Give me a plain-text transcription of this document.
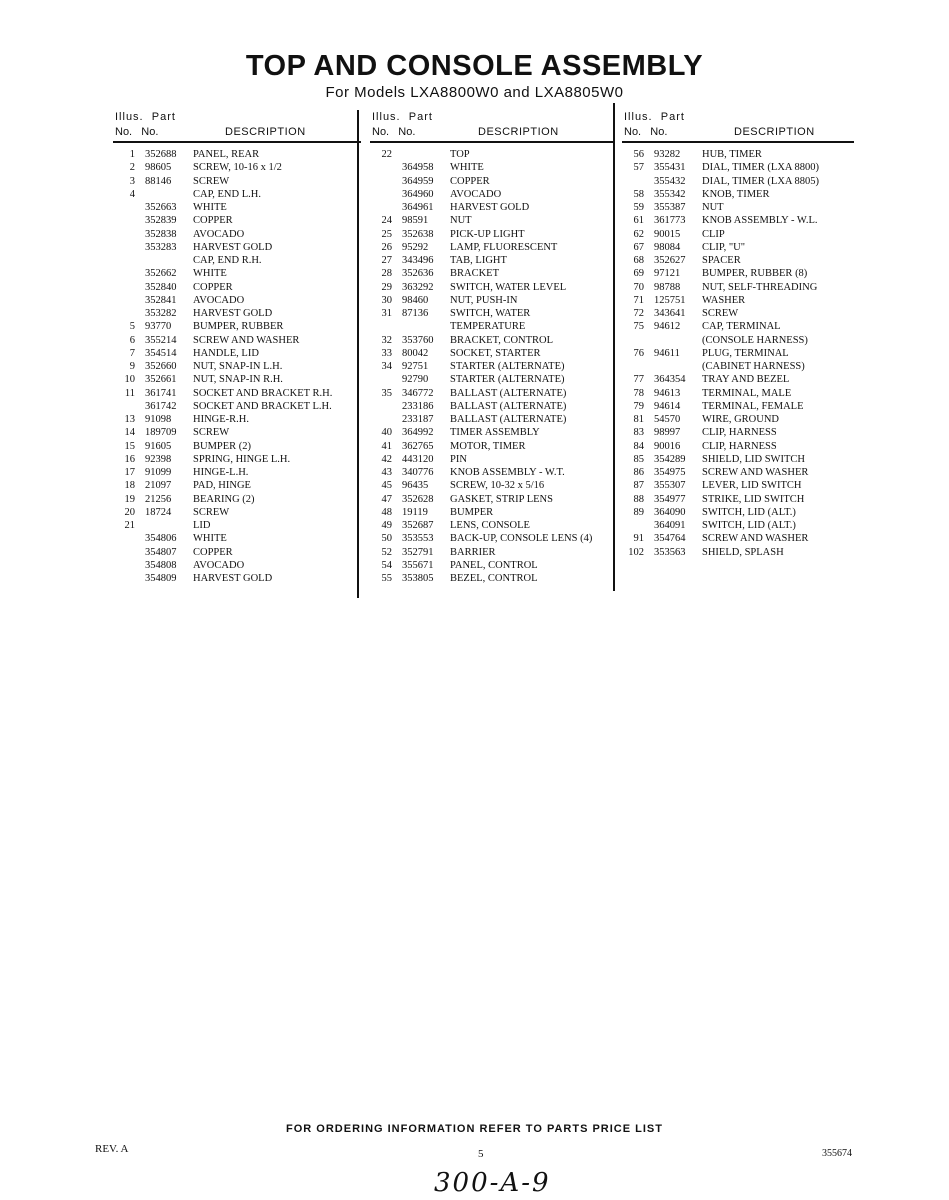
TOP AND CONSOLE ASSEMBLY
For Models LXA8800W0 and LXA8805W0
Illus. Part
No. No.	DESCRIPTION
1 352688 PANEL, REAR
2 98605 SCREW, 10-16 x 1/2
3 88146 SCREW
4	CAP, END L.H.
352663 WHITE
352839 COPPER
352838 AVOCADO
353283 HARVEST GOLD
CAP, END R.H.
352662 WHITE
352840 COPPER
352841 AVOCADO
353282 HARVEST GOLD
5 93770 BUMPER, RUBBER
6 355214 SCREW AND WASHER
7 354514 HANDLE, LID
9 352660 NUT, SNAP-IN L.H.
10 352661 NUT, SNAP-IN R.H.
11 361741 SOCKET AND BRACKET R.H.
361742 SOCKET AND BRACKET L.H.
13 91098 HINGE-R.H.
14 189709 SCREW
15 91605 BUMPER (2)
16 92398 SPRING, HINGE L.H.
17 91099 HINGE-L.H.
18 21097 PAD, HINGE
19 21256 BEARING (2)
20 18724 SCREW
21	LID
354806 WHITE
354807 COPPER
354808 AVOCADO
354809 HARVEST GOLD
Illus. Part
No. No.	DESCRIPTION
22	TOP
364958 WHITE
364959 COPPER
364960 AVOCADO
364961 HARVEST GOLD
24 98591 NUT
25 352638 PICK-UP LIGHT
26 95292 LAMP, FLUORESCENT
27 343496 TAB, LIGHT
28 352636 BRACKET
29 363292 SWITCH, WATER LEVEL
30 98460 NUT, PUSH-IN
31 87136 SWITCH, WATER
TEMPERATURE
32 353760 BRACKET, CONTROL
33 80042 SOCKET, STARTER
34 92751 STARTER (ALTERNATE)
92790 STARTER (ALTERNATE)
35 346772 BALLAST (ALTERNATE)
233186 BALLAST (ALTERNATE)
233187 BALLAST (ALTERNATE)
40 364992 TIMER ASSEMBLY
41 362765 MOTOR, TIMER
42 443120 PIN
43 340776 KNOB ASSEMBLY - W.T.
45 96435 SCREW, 10-32 x 5/16
47 352628 GASKET, STRIP LENS
48 19119 BUMPER
49 352687 LENS, CONSOLE
50 353553 BACK-UP, CONSOLE LENS (4)
52 352791 BARRIER
54 355671 PANEL, CONTROL
55 353805 BEZEL, CONTROL
Illus. Part
No. No.	DESCRIPTION
56 93282 HUB, TIMER
57 355431 DIAL, TIMER (LXA 8800)
355432 DIAL, TIMER (LXA 8805)
58 355342 KNOB, TIMER
59 355387 NUT
61 361773 KNOB ASSEMBLY - W.L.
62 90015 CLIP
67 98084 CLIP, "U"
68 352627 SPACER
69 97121 BUMPER, RUBBER (8)
70 98788 NUT, SELF-THREADING
71 125751 WASHER
72 343641 SCREW
75 94612 CAP, TERMINAL
(CONSOLE HARNESS)
76 94611 PLUG, TERMINAL
(CABINET HARNESS)
77 364354 TRAY AND BEZEL
78 94613 TERMINAL, MALE
79 94614 TERMINAL, FEMALE
81 54570 WIRE, GROUND
83 98997 CLIP, HARNESS
84 90016 CLIP, HARNESS
85 354289 SHIELD, LID SWITCH
86 354975 SCREW AND WASHER
87 355307 LEVER, LID SWITCH
88 354977 STRIKE, LID SWITCH
89 364090 SWITCH, LID (ALT.)
364091 SWITCH, LID (ALT.)
91 354764 SCREW AND WASHER
102 353563 SHIELD, SPLASH
FOR ORDERING INFORMATION REFER TO PARTS PRICE LIST
REV. A	5	355674
300-A-9
